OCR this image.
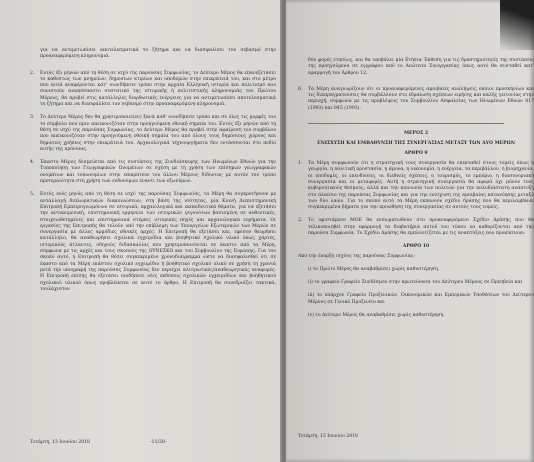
για να αντιμετωπίσει αποτελεσματικά το ζήτημα και να διασφαλίσει τον σεβασμό στην προαναφερόμενη κληρονομιά.

2. Εντός έξι μηνών από τη θέση σε ισχύ της παρούσας Συμφωνίας, το Δεύτερο Μέρος θα επανεξετάσει το καθεστώς των μνημείων, δημοσίων κτιρίων και υποδομών στην επικράτειά του, και στο μέτρο που αυτά αναφέρονται κατ' οιονδήποτε τρόπο στην αρχαία Ελληνική ιστορία και πολιτισμό που συνιστούν αναπόσπαστο συστατικό της ιστορικής ή πολιτιστικής κληρονομιάς του Πρώτου Μέρους, θα προβεί στις κατάλληλες διορθωτικές ενέργειες για να αντιμετωπίσει αποτελεσματικά το ζήτημα και να διασφαλίσει τον σεβασμό στην προαναφερόμενη κληρονομιά.
3. Το Δεύτερο Μέρος δεν θα χρησιμοποιεί(εν) ξανά καθ' οιονδήποτε τρόπο και σε όλες τις μορφές του το σύμβολο που πριν απεικονιζόταν στην προηγούμενη εθνική σημαία του. Εντός έξι μηνών από τη θέση σε ισχύ της παρούσας Συμφωνίας, το Δεύτερο Μέρος θα προβεί στην αφαίρεση του συμβόλου που απεικονιζόταν στην προηγούμενη εθνική σημαία του από όλους τους δημόσιους χώρους και δημόσιες χρήσεις στην επικράτειά του. Αρχαιολογικά τεχνουργήματα δεν εντάσσονται στο πεδίο αυτής της πρόνοιας.
4. Έκαστο Μέρος δεσμεύεται από τις συστάσεις της Συνδιάσκεψης των Ηνωμένων Εθνών για την Τυποποίηση των Γεωγραφικών Ονομάτων σε σχέση με τη χρήση των επίσημων γεωγραφικών ονομάτων και τοπωνυμίων στην επικράτεια του άλλου Μέρους δίδοντας με αυτόν τον τρόπο προτεραιότητα στη χρήση των ενδονύμων έναντι των εξωνύμων.
5. Εντός ενός μηνός από τη θέση σε ισχύ της παρούσας Συμφωνίας, τα Μέρη θα συγκροτήσουν με ανταλλαγή διπλωματικών διακοινώσεων, στη βάση της ισότητας, μία Κοινή Διεπιστημονική Επιτροπή Εμπειρογνωμόνων σε ιστορικά, αρχαιολογικά και εκπαιδευτικά θέματα, για να εξετάσει την αντικειμενική, επιστημονική ερμηνεία των ιστορικών γεγονότων βασισμένη σε αυθεντικές, στοιχειοθετημένες και επιστημονικά στέρεες ιστορικές πηγές και αρχαιολογικά ευρήματα. Οι εργασίες της Επιτροπής θα τελούν υπό την επίβλεψη των Υπουργείων Εξωτερικών των Μερών σε συνεργασία με άλλες αρμόδιες εθνικές αρχές. Η Επιτροπή θα εξετάσει και, εφόσον θεωρήσει κατάλληλο, θα αναθεωρήσει σχολικά εγχειρίδια και βοηθητικό σχολικό υλικό όπως χάρτες, ιστορικούς άτλαντες, οδηγούς διδασκαλίας που χρησιμοποιούνται σε έκαστο από τα Μέρη, σύμφωνα με τις αρχές και τους σκοπούς της ΟΥΝΕΣΚΟ και του Συμβουλίου της Ευρώπης. Για τον σκοπό αυτό, η Επιτροπή θα θέσει συγκεκριμένο χρονοδιάγραμμα ώστε να διασφαλισθεί ότι σε έκαστο από τα Μέρη εκάστου σχολικό εγχειρίδιο ή βοηθητικό σχολικό υλικό σε χρήση τη χρονιά μετά την υπογραφή της παρούσας Συμφωνίας δεν περιέχει αλυτρωτικές/αναθεωρητικές αναφορές. Η Επιτροπή επίσης θα εξετάσει οιοδήποτε νέες εκδόσεις σχολικών εγχειριδίων και βοηθητικού σχολικού υλικού όπως προβλέπεται σε αυτό το άρθρο. Η Επιτροπή θα συνεδριάζει τακτικά, τουλάχιστον
Τετάρτη, 13 Ιουνίου 2018	-11/20-

δύο φορές ετησίως, και θα υποβάλει μία Ετήσια Έκθεση για τις δραστηριότητές της συστάσεις της προηγούμενα σε εγγράφου από το Ανώτατο Συνεργασίας όπως αυτό θα συσταθεί κατ' εφαρμογή του Άρθρου 12.

6. Τα Μέρη αναγνωρίζουν ότι οι προαναφερόμενες αμοιβαίες αναλήψεις οποιοι προσκηνίων και τις διαπραγματεύσεις θα συμβάλλουν στο εδραίωση σχέσεων ειρήνης και καλής γειτονίας στην περιοχή, σύμφωνα με τις προβλέψεις του Συμβουλίου Ασφαλείας των Ηνωμένων Εθνών 817 (1993) και 845 (1993).
ΜΕΡΟΣ 2
ΕΝΙΣΧΥΣΗ ΚΑΙ ΕΜΒΑΘΥΝΣΗ ΤΗΣ ΣΥΝΕΡΓΑΣΙΑΣ ΜΕΤΑΞΥ ΤΩΝ ΔΥΟ ΜΕΡΩΝ
ΑΡΘΡΟ 9
1. Τα Μέρη συμφωνούν ότι η στρατηγική τους συνεργασία θα επεκταθεί στους τομείς όπως η γεωργία, η πολιτική προστασία, η άμυνα, η οικονομία, η ενέργεια, τα περιβάλλον, η βιομηχανία, οι υποδομές, οι επενδύσεις, οι διεθνείς σχέσεις, ο τουρισμός, το εμπόριο, η διασυνοριακή συνεργασία και οι μεταφορές. Αυτή η στρατηγική συνεργασία θα αφορά όχι μόνον τους κυβερνητικούς θεσμούς, αλλά και την κοινωνία των πολιτών για την πολυδιάστατη ανάπτυξη στο πλαίσιο της παρούσας Συμφωνίας και για την ενίσχυση της αμοιβαίας κατανόησης μεταξύ των δύο λαών. Για το σκοπό αυτό τα Μέρη εκπονούν σχέδιο δράσης που θα περιλαμβάνει συγκεκριμένα βήματα για την προώθηση της συνεργασίας σε αυτούς τους τομείς.
2. Το υφιστάμενο ΜΟΕ θα ενσωματωθούν στο προαναφερόμενο Σχέδιο Δράσης που θα τελικοποιηθεί στην εφαρμογή τα διαβατήρια αυτού του τύπου να καθορίζονται από την παρούσα Συμφωνία. Το Σχέδιο Δράσης θα εμπλουτίζεται με τις αναπτύξεις που προκύπτουν.
ΑΡΘΡΟ 10

Από την έναρξη ισχύος της παρούσας Συμφωνίας:

i) το Πρώτο Μέρος θα αναβαθμίσει χωρίς καθυστέρηση,

ii) το γραφείο Γραφείο Συνδέσμου στην πρωτεύουσα του Δεύτερου Μέρους σε Πρεσβεία και

iii) το υπάρχον Γραφείο Προξενικών, Οικονομικών και Εμπορικών Υποθέσεων του Δεύτερου Μέρους σε Γενικό Προξενείο και

iv) το Δεύτερο Μέρος θα αναβαθμίσει χωρίς καθυστέρηση.

Τετάρτη, 13 Ιουνίου 2018
